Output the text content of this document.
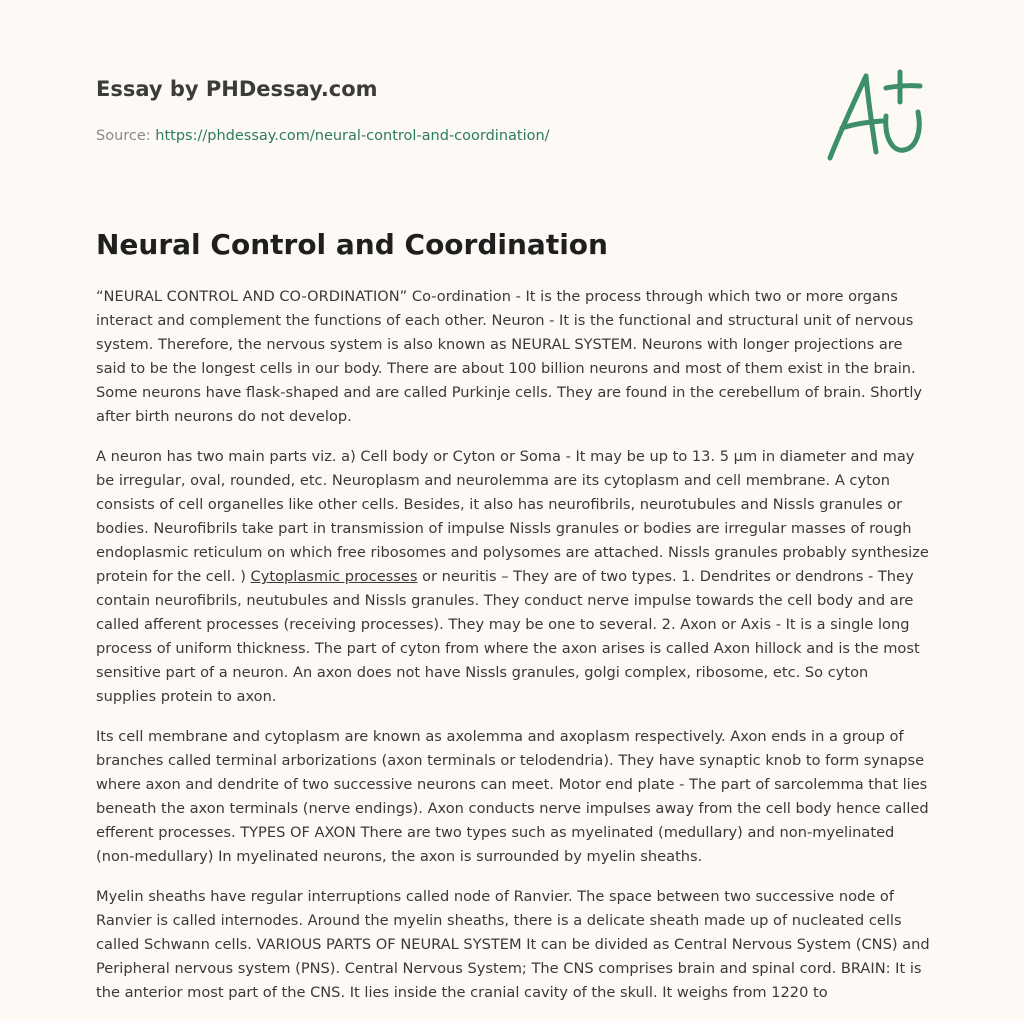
Essay by PHDessay.com
Source: https://phdessay.com/neural-control-and-coordination/
Neural Control and Coordination

“NEURAL CONTROL AND CO-ORDINATION” Co-ordination - It is the process through which two or more organs interact and complement the functions of each other. Neuron - It is the functional and structural unit of nervous system. Therefore, the nervous system is also known as NEURAL SYSTEM. Neurons with longer projections are said to be the longest cells in our body. There are about 100 billion neurons and most of them exist in the brain. Some neurons have flask-shaped and are called Purkinje cells. They are found in the cerebellum of brain. Shortly after birth neurons do not develop.

A neuron has two main parts viz. a) Cell body or Cyton or Soma - It may be up to 13. 5 μm in diameter and may be irregular, oval, rounded, etc. Neuroplasm and neurolemma are its cytoplasm and cell membrane. A cyton consists of cell organelles like other cells. Besides, it also has neurofibrils, neurotubules and Nissls granules or bodies. Neurofibrils take part in transmission of impulse Nissls granules or bodies are irregular masses of rough endoplasmic reticulum on which free ribosomes and polysomes are attached. Nissls granules probably synthesize protein for the cell. ) Cytoplasmic processes or neuritis – They are of two types. 1. Dendrites or dendrons - They contain neurofibrils, neutubules and Nissls granules. They conduct nerve impulse towards the cell body and are called afferent processes (receiving processes). They may be one to several. 2. Axon or Axis - It is a single long process of uniform thickness. The part of cyton from where the axon arises is called Axon hillock and is the most sensitive part of a neuron. An axon does not have Nissls granules, golgi complex, ribosome, etc. So cyton supplies protein to axon.

Its cell membrane and cytoplasm are known as axolemma and axoplasm respectively. Axon ends in a group of branches called terminal arborizations (axon terminals or telodendria). They have synaptic knob to form synapse where axon and dendrite of two successive neurons can meet. Motor end plate - The part of sarcolemma that lies beneath the axon terminals (nerve endings). Axon conducts nerve impulses away from the cell body hence called efferent processes. TYPES OF AXON There are two types such as myelinated (medullary) and non-myelinated (non-medullary) In myelinated neurons, the axon is surrounded by myelin sheaths.

Myelin sheaths have regular interruptions called node of Ranvier. The space between two successive node of Ranvier is called internodes. Around the myelin sheaths, there is a delicate sheath made up of nucleated cells called Schwann cells. VARIOUS PARTS OF NEURAL SYSTEM It can be divided as Central Nervous System (CNS) and Peripheral nervous system (PNS). Central Nervous System; The CNS comprises brain and spinal cord. BRAIN: It is the anterior most part of the CNS. It lies inside the cranial cavity of the skull. It weighs from 1220 to
